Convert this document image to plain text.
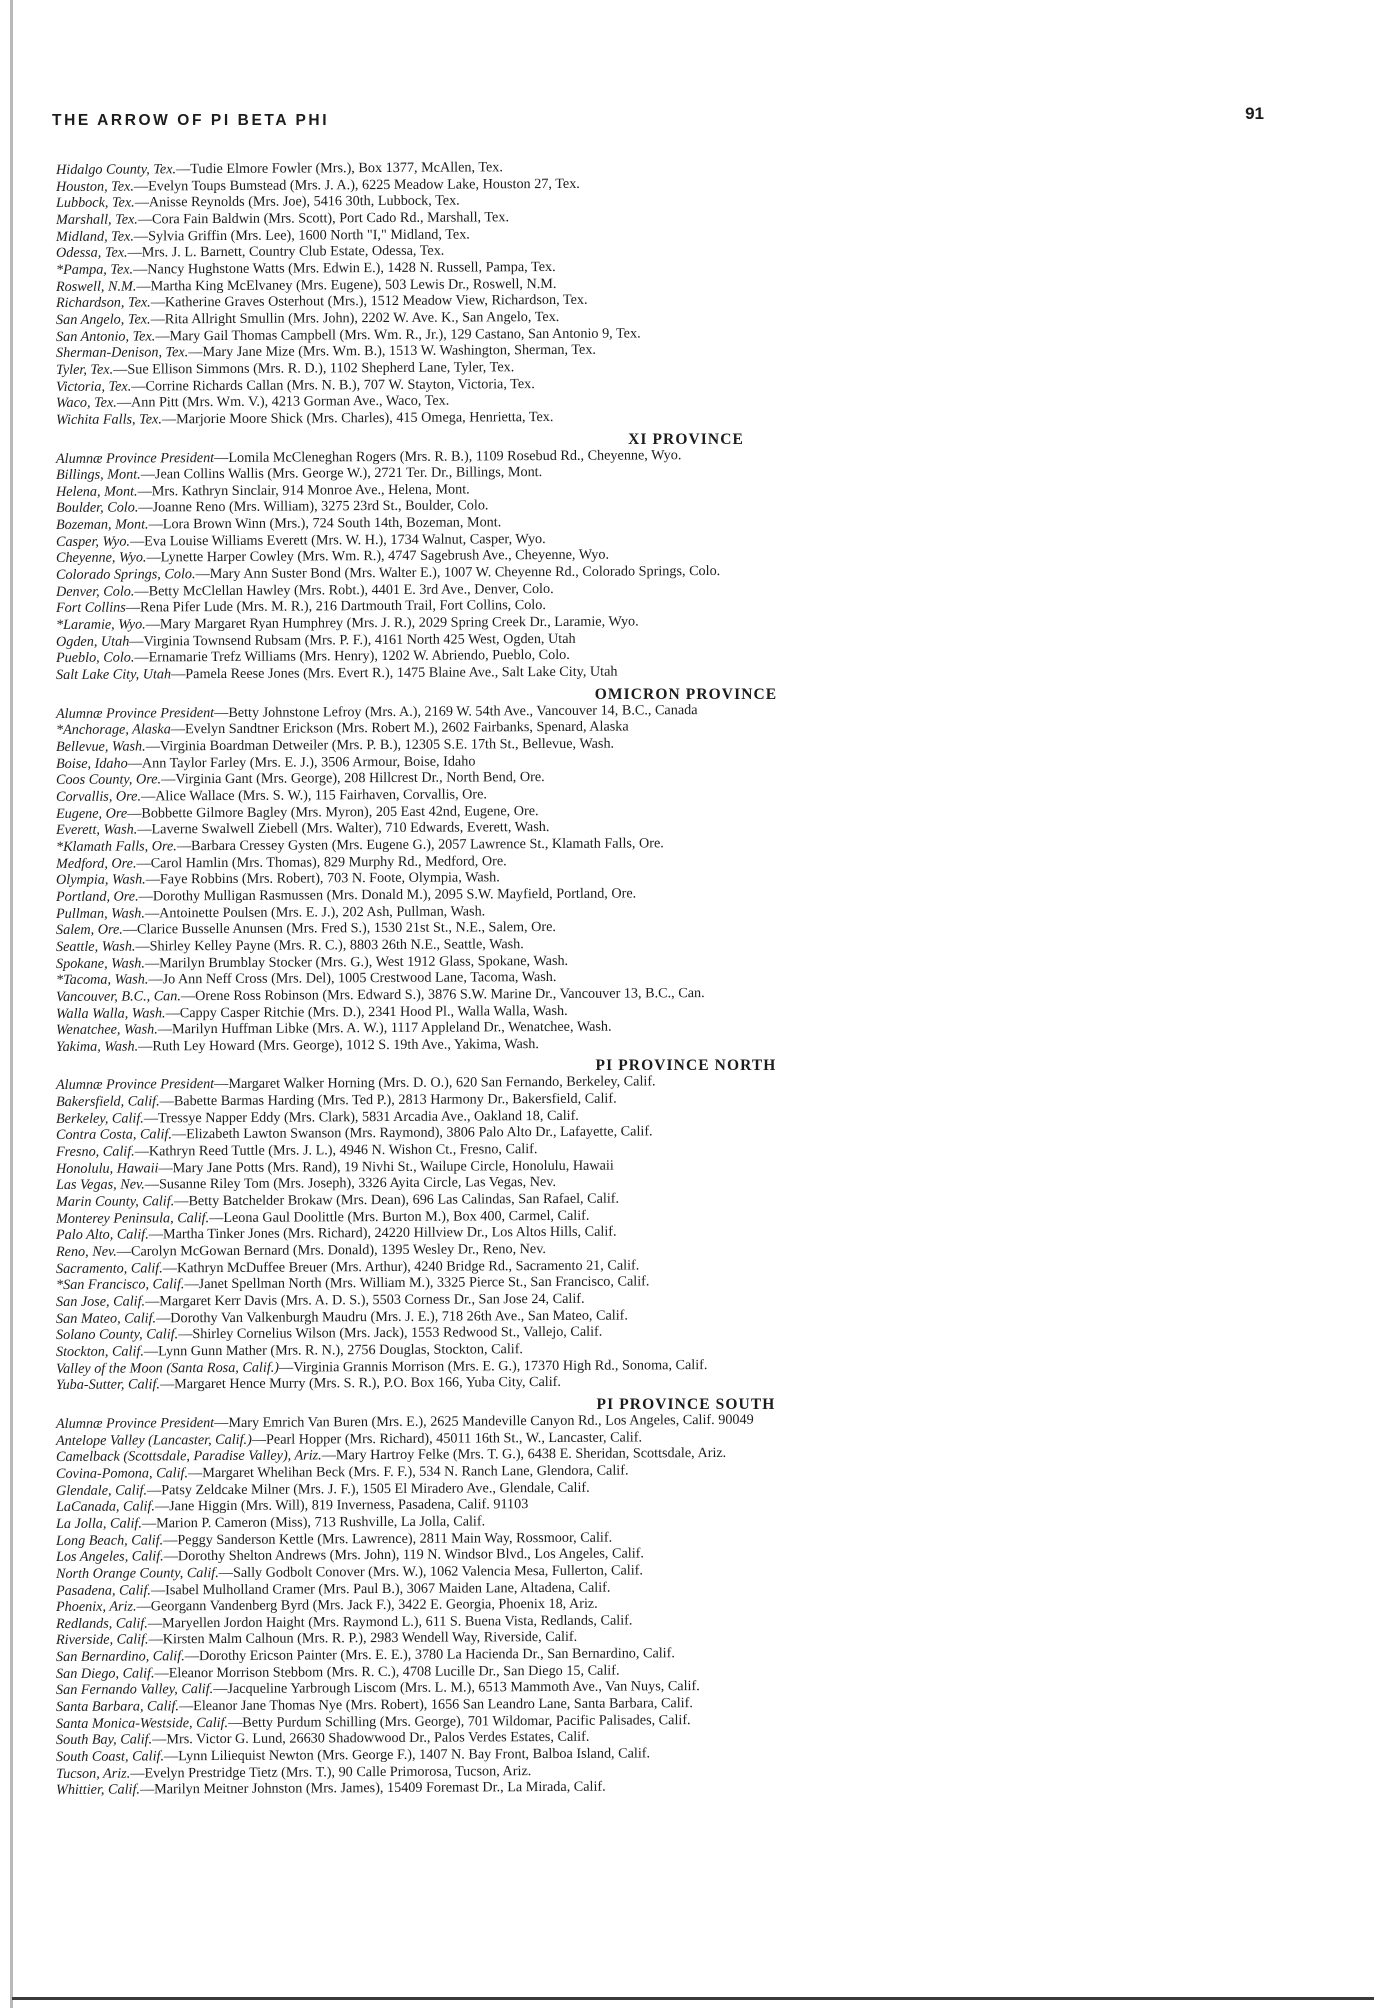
THE ARROW OF PI BETA PHI	91
Hidalgo County, Tex.—Tudie Elmore Fowler (Mrs.), Box 1377, McAllen, Tex.
Houston, Tex.—Evelyn Toups Bumstead (Mrs. J. A.), 6225 Meadow Lake, Houston 27, Tex.
Lubbock, Tex.—Anisse Reynolds (Mrs. Joe), 5416 30th, Lubbock, Tex.
Marshall, Tex.—Cora Fain Baldwin (Mrs. Scott), Port Cado Rd., Marshall, Tex.
Midland, Tex.—Sylvia Griffin (Mrs. Lee), 1600 North "I," Midland, Tex.
Odessa, Tex.—Mrs. J. L. Barnett, Country Club Estate, Odessa, Tex.
*Pampa, Tex.—Nancy Hughstone Watts (Mrs. Edwin E.), 1428 N. Russell, Pampa, Tex.
Roswell, N.M.—Martha King McElvaney (Mrs. Eugene), 503 Lewis Dr., Roswell, N.M.
Richardson, Tex.—Katherine Graves Osterhout (Mrs.), 1512 Meadow View, Richardson, Tex.
San Angelo, Tex.—Rita Allright Smullin (Mrs. John), 2202 W. Ave. K., San Angelo, Tex.
San Antonio, Tex.—Mary Gail Thomas Campbell (Mrs. Wm. R., Jr.), 129 Castano, San Antonio 9, Tex.
Sherman-Denison, Tex.—Mary Jane Mize (Mrs. Wm. B.), 1513 W. Washington, Sherman, Tex.
Tyler, Tex.—Sue Ellison Simmons (Mrs. R. D.), 1102 Shepherd Lane, Tyler, Tex.
Victoria, Tex.—Corrine Richards Callan (Mrs. N. B.), 707 W. Stayton, Victoria, Tex.
Waco, Tex.—Ann Pitt (Mrs. Wm. V.), 4213 Gorman Ave., Waco, Tex.
Wichita Falls, Tex.—Marjorie Moore Shick (Mrs. Charles), 415 Omega, Henrietta, Tex.
XI PROVINCE
Alumnæ Province President—Lomila McCleneghan Rogers (Mrs. R. B.), 1109 Rosebud Rd., Cheyenne, Wyo.
Billings, Mont.—Jean Collins Wallis (Mrs. George W.), 2721 Ter. Dr., Billings, Mont.
Helena, Mont.—Mrs. Kathryn Sinclair, 914 Monroe Ave., Helena, Mont.
Boulder, Colo.—Joanne Reno (Mrs. William), 3275 23rd St., Boulder, Colo.
Bozeman, Mont.—Lora Brown Winn (Mrs.), 724 South 14th, Bozeman, Mont.
Casper, Wyo.—Eva Louise Williams Everett (Mrs. W. H.), 1734 Walnut, Casper, Wyo.
Cheyenne, Wyo.—Lynette Harper Cowley (Mrs. Wm. R.), 4747 Sagebrush Ave., Cheyenne, Wyo.
Colorado Springs, Colo.—Mary Ann Suster Bond (Mrs. Walter E.), 1007 W. Cheyenne Rd., Colorado Springs, Colo.
Denver, Colo.—Betty McClellan Hawley (Mrs. Robt.), 4401 E. 3rd Ave., Denver, Colo.
Fort Collins—Rena Pifer Lude (Mrs. M. R.), 216 Dartmouth Trail, Fort Collins, Colo.
*Laramie, Wyo.—Mary Margaret Ryan Humphrey (Mrs. J. R.), 2029 Spring Creek Dr., Laramie, Wyo.
Ogden, Utah—Virginia Townsend Rubsam (Mrs. P. F.), 4161 North 425 West, Ogden, Utah
Pueblo, Colo.—Ernamarie Trefz Williams (Mrs. Henry), 1202 W. Abriendo, Pueblo, Colo.
Salt Lake City, Utah—Pamela Reese Jones (Mrs. Evert R.), 1475 Blaine Ave., Salt Lake City, Utah
OMICRON PROVINCE
Alumnæ Province President—Betty Johnstone Lefroy (Mrs. A.), 2169 W. 54th Ave., Vancouver 14, B.C., Canada
*Anchorage, Alaska—Evelyn Sandtner Erickson (Mrs. Robert M.), 2602 Fairbanks, Spenard, Alaska
Bellevue, Wash.—Virginia Boardman Detweiler (Mrs. P. B.), 12305 S.E. 17th St., Bellevue, Wash.
Boise, Idaho—Ann Taylor Farley (Mrs. E. J.), 3506 Armour, Boise, Idaho
Coos County, Ore.—Virginia Gant (Mrs. George), 208 Hillcrest Dr., North Bend, Ore.
Corvallis, Ore.—Alice Wallace (Mrs. S. W.), 115 Fairhaven, Corvallis, Ore.
Eugene, Ore—Bobbette Gilmore Bagley (Mrs. Myron), 205 East 42nd, Eugene, Ore.
Everett, Wash.—Laverne Swalwell Ziebell (Mrs. Walter), 710 Edwards, Everett, Wash.
*Klamath Falls, Ore.—Barbara Cressey Gysten (Mrs. Eugene G.), 2057 Lawrence St., Klamath Falls, Ore.
Medford, Ore.—Carol Hamlin (Mrs. Thomas), 829 Murphy Rd., Medford, Ore.
Olympia, Wash.—Faye Robbins (Mrs. Robert), 703 N. Foote, Olympia, Wash.
Portland, Ore.—Dorothy Mulligan Rasmussen (Mrs. Donald M.), 2095 S.W. Mayfield, Portland, Ore.
Pullman, Wash.—Antoinette Poulsen (Mrs. E. J.), 202 Ash, Pullman, Wash.
Salem, Ore.—Clarice Busselle Anunsen (Mrs. Fred S.), 1530 21st St., N.E., Salem, Ore.
Seattle, Wash.—Shirley Kelley Payne (Mrs. R. C.), 8803 26th N.E., Seattle, Wash.
Spokane, Wash.—Marilyn Brumblay Stocker (Mrs. G.), West 1912 Glass, Spokane, Wash.
*Tacoma, Wash.—Jo Ann Neff Cross (Mrs. Del), 1005 Crestwood Lane, Tacoma, Wash.
Vancouver, B.C., Can.—Orene Ross Robinson (Mrs. Edward S.), 3876 S.W. Marine Dr., Vancouver 13, B.C., Can.
Walla Walla, Wash.—Cappy Casper Ritchie (Mrs. D.), 2341 Hood Pl., Walla Walla, Wash.
Wenatchee, Wash.—Marilyn Huffman Libke (Mrs. A. W.), 1117 Appleland Dr., Wenatchee, Wash.
Yakima, Wash.—Ruth Ley Howard (Mrs. George), 1012 S. 19th Ave., Yakima, Wash.
PI PROVINCE NORTH
Alumnæ Province President—Margaret Walker Horning (Mrs. D. O.), 620 San Fernando, Berkeley, Calif.
Bakersfield, Calif.—Babette Barmas Harding (Mrs. Ted P.), 2813 Harmony Dr., Bakersfield, Calif.
Berkeley, Calif.—Tressye Napper Eddy (Mrs. Clark), 5831 Arcadia Ave., Oakland 18, Calif.
Contra Costa, Calif.—Elizabeth Lawton Swanson (Mrs. Raymond), 3806 Palo Alto Dr., Lafayette, Calif.
Fresno, Calif.—Kathryn Reed Tuttle (Mrs. J. L.), 4946 N. Wishon Ct., Fresno, Calif.
Honolulu, Hawaii—Mary Jane Potts (Mrs. Rand), 19 Nivhi St., Wailupe Circle, Honolulu, Hawaii
Las Vegas, Nev.—Susanne Riley Tom (Mrs. Joseph), 3326 Ayita Circle, Las Vegas, Nev.
Marin County, Calif.—Betty Batchelder Brokaw (Mrs. Dean), 696 Las Calindas, San Rafael, Calif.
Monterey Peninsula, Calif.—Leona Gaul Doolittle (Mrs. Burton M.), Box 400, Carmel, Calif.
Palo Alto, Calif.—Martha Tinker Jones (Mrs. Richard), 24220 Hillview Dr., Los Altos Hills, Calif.
Reno, Nev.—Carolyn McGowan Bernard (Mrs. Donald), 1395 Wesley Dr., Reno, Nev.
Sacramento, Calif.—Kathryn McDuffee Breuer (Mrs. Arthur), 4240 Bridge Rd., Sacramento 21, Calif.
*San Francisco, Calif.—Janet Spellman North (Mrs. William M.), 3325 Pierce St., San Francisco, Calif.
San Jose, Calif.—Margaret Kerr Davis (Mrs. A. D. S.), 5503 Corness Dr., San Jose 24, Calif.
San Mateo, Calif.—Dorothy Van Valkenburgh Maudru (Mrs. J. E.), 718 26th Ave., San Mateo, Calif.
Solano County, Calif.—Shirley Cornelius Wilson (Mrs. Jack), 1553 Redwood St., Vallejo, Calif.
Stockton, Calif.—Lynn Gunn Mather (Mrs. R. N.), 2756 Douglas, Stockton, Calif.
Valley of the Moon (Santa Rosa, Calif.)—Virginia Grannis Morrison (Mrs. E. G.), 17370 High Rd., Sonoma, Calif.
Yuba-Sutter, Calif.—Margaret Hence Murry (Mrs. S. R.), P.O. Box 166, Yuba City, Calif.
PI PROVINCE SOUTH
Alumnæ Province President—Mary Emrich Van Buren (Mrs. E.), 2625 Mandeville Canyon Rd., Los Angeles, Calif. 90049
Antelope Valley (Lancaster, Calif.)—Pearl Hopper (Mrs. Richard), 45011 16th St., W., Lancaster, Calif.
Camelback (Scottsdale, Paradise Valley), Ariz.—Mary Hartroy Felke (Mrs. T. G.), 6438 E. Sheridan, Scottsdale, Ariz.
Covina-Pomona, Calif.—Margaret Whelihan Beck (Mrs. F. F.), 534 N. Ranch Lane, Glendora, Calif.
Glendale, Calif.—Patsy Zeldcake Milner (Mrs. J. F.), 1505 El Miradero Ave., Glendale, Calif.
LaCanada, Calif.—Jane Higgin (Mrs. Will), 819 Inverness, Pasadena, Calif. 91103
La Jolla, Calif.—Marion P. Cameron (Miss), 713 Rushville, La Jolla, Calif.
Long Beach, Calif.—Peggy Sanderson Kettle (Mrs. Lawrence), 2811 Main Way, Rossmoor, Calif.
Los Angeles, Calif.—Dorothy Shelton Andrews (Mrs. John), 119 N. Windsor Blvd., Los Angeles, Calif.
North Orange County, Calif.—Sally Godbolt Conover (Mrs. W.), 1062 Valencia Mesa, Fullerton, Calif.
Pasadena, Calif.—Isabel Mulholland Cramer (Mrs. Paul B.), 3067 Maiden Lane, Altadena, Calif.
Phoenix, Ariz.—Georgann Vandenberg Byrd (Mrs. Jack F.), 3422 E. Georgia, Phoenix 18, Ariz.
Redlands, Calif.—Maryellen Jordon Haight (Mrs. Raymond L.), 611 S. Buena Vista, Redlands, Calif.
Riverside, Calif.—Kirsten Malm Calhoun (Mrs. R. P.), 2983 Wendell Way, Riverside, Calif.
San Bernardino, Calif.—Dorothy Ericson Painter (Mrs. E. E.), 3780 La Hacienda Dr., San Bernardino, Calif.
San Diego, Calif.—Eleanor Morrison Stebbom (Mrs. R. C.), 4708 Lucille Dr., San Diego 15, Calif.
San Fernando Valley, Calif.—Jacqueline Yarbrough Liscom (Mrs. L. M.), 6513 Mammoth Ave., Van Nuys, Calif.
Santa Barbara, Calif.—Eleanor Jane Thomas Nye (Mrs. Robert), 1656 San Leandro Lane, Santa Barbara, Calif.
Santa Monica-Westside, Calif.—Betty Purdum Schilling (Mrs. George), 701 Wildomar, Pacific Palisades, Calif.
South Bay, Calif.—Mrs. Victor G. Lund, 26630 Shadowwood Dr., Palos Verdes Estates, Calif.
South Coast, Calif.—Lynn Liliequist Newton (Mrs. George F.), 1407 N. Bay Front, Balboa Island, Calif.
Tucson, Ariz.—Evelyn Prestridge Tietz (Mrs. T.), 90 Calle Primorosa, Tucson, Ariz.
Whittier, Calif.—Marilyn Meitner Johnston (Mrs. James), 15409 Foremast Dr., La Mirada, Calif.
